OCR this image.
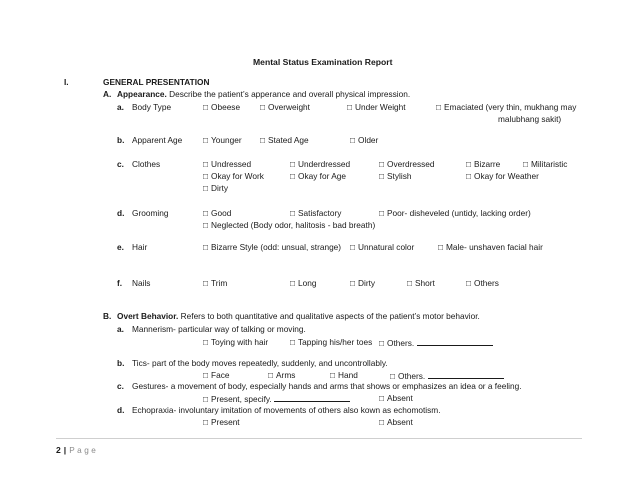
Mental Status Examination Report
I.	GENERAL PRESENTATION
A. Appearance. Describe the patient’s apperance and overall physical impression.
a. Body Type	□ Obeese □ Overweight	□ Under Weight	□ Emaciated (very thin, mukhang may
malubhang sakit)
b. Apparent Age □ Younger □ Stated Age	□ Older
c. Clothes	□ Undressed	□ Underdressed	□ Overdressed	□ Bizarre	□ Militaristic
□ Okay for Work	□ Okay for Age	□ Stylish	□ Okay for Weather
□ Dirty
d. Grooming	□ Good	□ Satisfactory	□ Poor- disheveled (untidy, lacking order)
□ Neglected (Body odor, halitosis - bad breath)
e. Hair	□ Bizarre Style (odd: unsual, strange) □ Unnatural color	□ Male- unshaven facial hair
f. Nails	□ Trim	□ Long	□ Dirty	□ Short	□ Others
B. Overt Behavior. Refers to both quantitative and qualitative aspects of the patient’s motor behavior.
a. Mannerism- particular way of talking or moving.
□ Toying with hair	□ Tapping his/her toes □ Others.
b. Tics- part of the body moves repeatedly, suddenly, and uncontrollably.
□ Face	□ Arms	□ Hand	□ Others.
c. Gestures- a movement of body, especially hands and arms that shows or emphasizes an idea or a feeling.
□ Present, specify.	□ Absent
d. Echopraxia- involuntary imitation of movements of others also kown as echomotism.
□ Present	□ Absent
2 | Page
